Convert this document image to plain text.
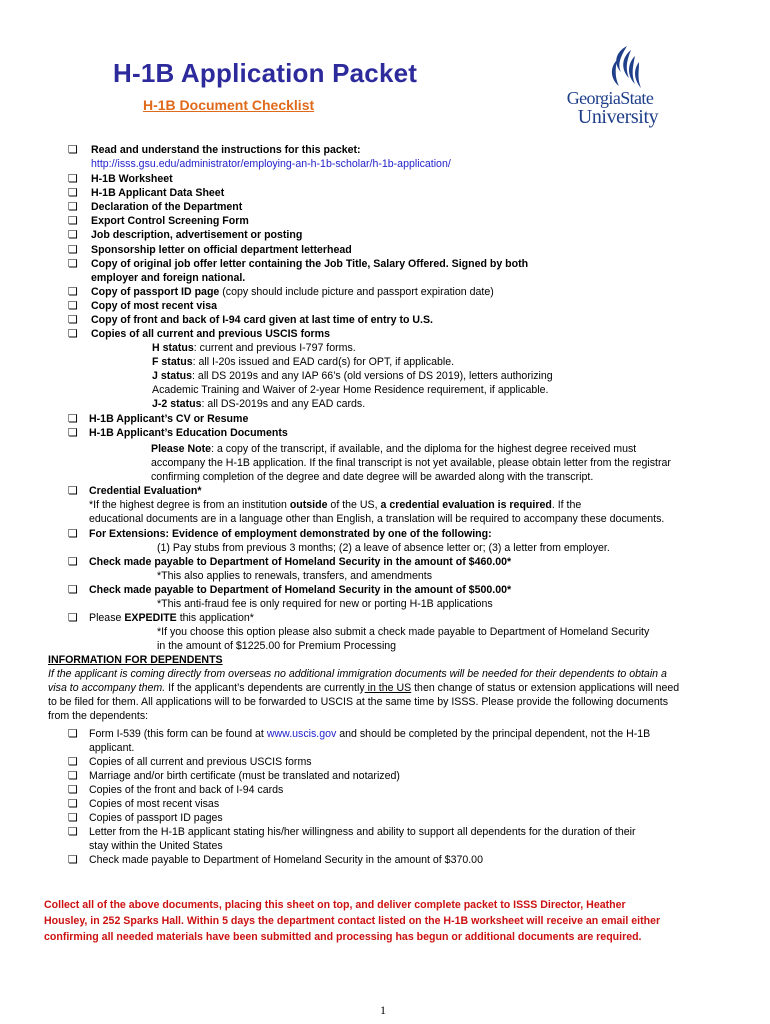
H-1B Application Packet
H-1B Document Checklist	GeorgiaState
University
❏ Read and understand the instructions for this packet:
http://isss.gsu.edu/administrator/employing-an-h-1b-scholar/h-1b-application/
❏ H-1B Worksheet
❏ H-1B Applicant Data Sheet
❏ Declaration of the Department
❏ Export Control Screening Form
❏ Job description, advertisement or posting
❏ Sponsorship letter on official department letterhead
❏ Copy of original job offer letter containing the Job Title, Salary Offered. Signed by both
employer and foreign national.
❏ Copy of passport ID page (copy should include picture and passport expiration date)
❏ Copy of most recent visa
❏ Copy of front and back of I-94 card given at last time of entry to U.S.
❏ Copies of all current and previous USCIS forms
H status: current and previous I-797 forms.
F status: all I-20s issued and EAD card(s) for OPT, if applicable.
J status: all DS 2019s and any IAP 66’s (old versions of DS 2019), letters authorizing
Academic Training and Waiver of 2-year Home Residence requirement, if applicable.
J-2 status: all DS-2019s and any EAD cards.
❏ H-1B Applicant’s CV or Resume
❏ H-1B Applicant’s Education Documents
Please Note: a copy of the transcript, if available, and the diploma for the highest degree received must
accompany the H-1B application. If the final transcript is not yet available, please obtain letter from the registrar
confirming completion of the degree and date degree will be awarded along with the transcript.
❏ Credential Evaluation*
*If the highest degree is from an institution outside of the US, a credential evaluation is required. If the
educational documents are in a language other than English, a translation will be required to accompany these documents.
❏ For Extensions: Evidence of employment demonstrated by one of the following:
(1) Pay stubs from previous 3 months; (2) a leave of absence letter or; (3) a letter from employer.
❏ Check made payable to Department of Homeland Security in the amount of $460.00*
*This also applies to renewals, transfers, and amendments
❏ Check made payable to Department of Homeland Security in the amount of $500.00*
*This anti-fraud fee is only required for new or porting H-1B applications
❏ Please EXPEDITE this application*
*If you choose this option please also submit a check made payable to Department of Homeland Security
in the amount of $1225.00 for Premium Processing
INFORMATION FOR DEPENDENTS
If the applicant is coming directly from overseas no additional immigration documents will be needed for their dependents to obtain a
visa to accompany them. If the applicant’s dependents are currently in the US then change of status or extension applications will need
to be filed for them. All applications will to be forwarded to USCIS at the same time by ISSS. Please provide the following documents
from the dependents:
❏ Form I-539 (this form can be found at www.uscis.gov and should be completed by the principal dependent, not the H-1B
applicant.
❏ Copies of all current and previous USCIS forms
❏ Marriage and/or birth certificate (must be translated and notarized)
❏ Copies of the front and back of I-94 cards
❏ Copies of most recent visas
❏ Copies of passport ID pages
❏ Letter from the H-1B applicant stating his/her willingness and ability to support all dependents for the duration of their
stay within the United States
❏ Check made payable to Department of Homeland Security in the amount of $370.00
Collect all of the above documents, placing this sheet on top, and deliver complete packet to ISSS Director, Heather
Housley, in 252 Sparks Hall. Within 5 days the department contact listed on the H-1B worksheet will receive an email either
confirming all needed materials have been submitted and processing has begun or additional documents are required.
1
